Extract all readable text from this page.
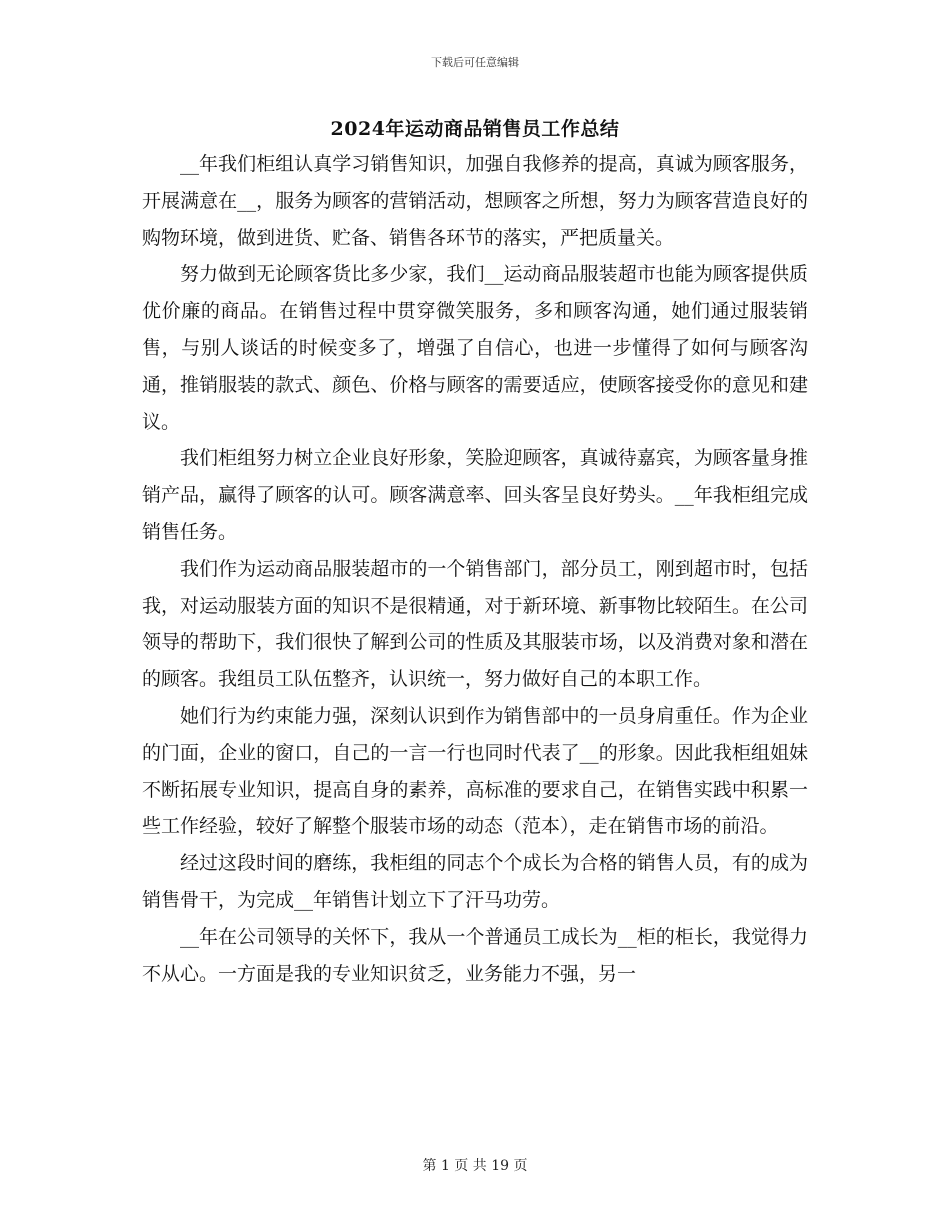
下载后可任意编辑
2024年运动商品销售员工作总结

__年我们柜组认真学习销售知识，加强自我修养的提高，真诚为顾客服务，开展满意在__，服务为顾客的营销活动，想顾客之所想，努力为顾客营造良好的购物环境，做到进货、贮备、销售各环节的落实，严把质量关。

努力做到无论顾客货比多少家，我们__运动商品服装超市也能为顾客提供质优价廉的商品。在销售过程中贯穿微笑服务，多和顾客沟通，她们通过服装销售，与别人谈话的时候变多了，增强了自信心，也进一步懂得了如何与顾客沟通，推销服装的款式、颜色、价格与顾客的需要适应，使顾客接受你的意见和建议。

我们柜组努力树立企业良好形象，笑脸迎顾客，真诚待嘉宾，为顾客量身推销产品，赢得了顾客的认可。顾客满意率、回头客呈良好势头。__年我柜组完成销售任务。

我们作为运动商品服装超市的一个销售部门，部分员工，刚到超市时，包括我，对运动服装方面的知识不是很精通，对于新环境、新事物比较陌生。在公司领导的帮助下，我们很快了解到公司的性质及其服装市场，以及消费对象和潜在的顾客。我组员工队伍整齐，认识统一，努力做好自己的本职工作。

她们行为约束能力强，深刻认识到作为销售部中的一员身肩重任。作为企业的门面，企业的窗口，自己的一言一行也同时代表了__的形象。因此我柜组姐妹不断拓展专业知识，提高自身的素养，高标准的要求自己，在销售实践中积累一些工作经验，较好了解整个服装市场的动态（范本），走在销售市场的前沿。

经过这段时间的磨练，我柜组的同志个个成长为合格的销售人员，有的成为销售骨干，为完成__年销售计划立下了汗马功劳。

__年在公司领导的关怀下，我从一个普通员工成长为__柜的柜长，我觉得力不从心。一方面是我的专业知识贫乏，业务能力不强，另一

第 1 页 共 19 页
